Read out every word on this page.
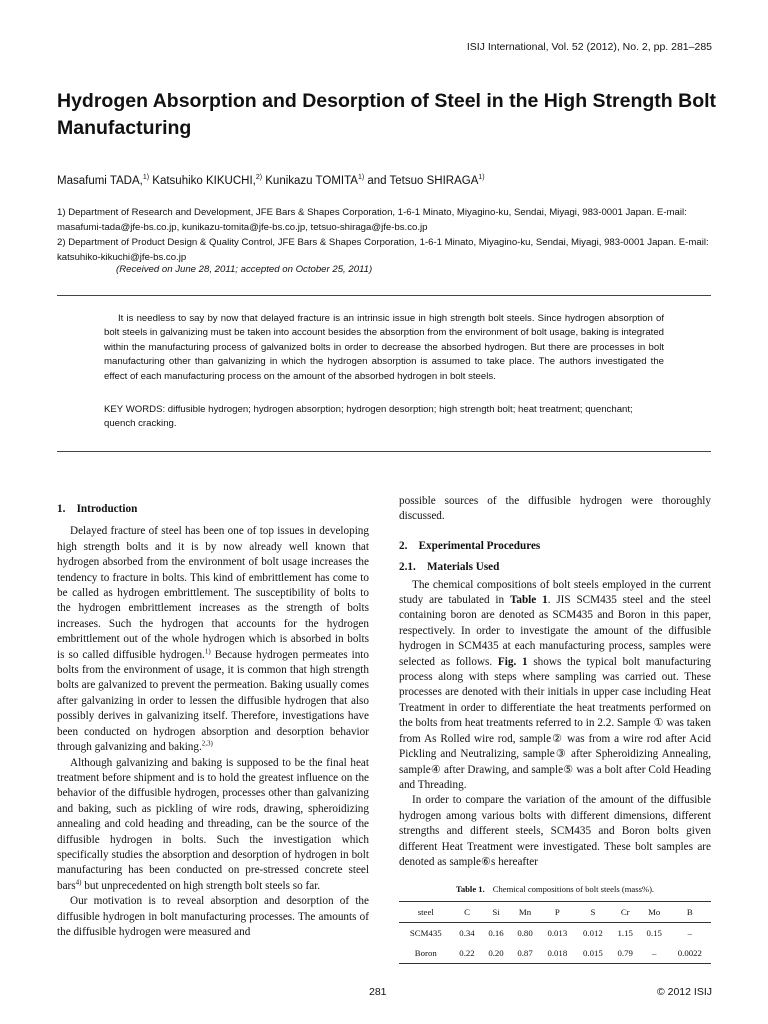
ISIJ International, Vol. 52 (2012), No. 2, pp. 281–285
Hydrogen Absorption and Desorption of Steel in the High Strength Bolt Manufacturing
Masafumi TADA,$^{1)}$ Katsuhiko KIKUCHI,$^{2)}$ Kunikazu TOMITA$^{1)}$ and Tetsuo SHIRAGA$^{1)}$
1) Department of Research and Development, JFE Bars & Shapes Corporation, 1-6-1 Minato, Miyagino-ku, Sendai, Miyagi, 983-0001 Japan. E-mail: masafumi-tada@jfe-bs.co.jp, kunikazu-tomita@jfe-bs.co.jp, tetsuo-shiraga@jfe-bs.co.jp
2) Department of Product Design & Quality Control, JFE Bars & Shapes Corporation, 1-6-1 Minato, Miyagino-ku, Sendai, Miyagi, 983-0001 Japan. E-mail: katsuhiko-kikuchi@jfe-bs.co.jp
(Received on June 28, 2011; accepted on October 25, 2011)

It is needless to say by now that delayed fracture is an intrinsic issue in high strength bolt steels. Since hydrogen absorption of bolt steels in galvanizing must be taken into account besides the absorption from the environment of bolt usage, baking is integrated within the manufacturing process of galvanized bolts in order to decrease the absorbed hydrogen. But there are processes in bolt manufacturing other than galvanizing in which the hydrogen absorption is assumed to take place. The authors investigated the effect of each manufacturing process on the amount of the absorbed hydrogen in bolt steels.

KEY WORDS: diffusible hydrogen; hydrogen absorption; hydrogen desorption; high strength bolt; heat treatment; quenchant; quench cracking.
1. Introduction

Delayed fracture of steel has been one of top issues in developing high strength bolts and it is by now already well known that hydrogen absorbed from the environment of bolt usage increases the tendency to fracture in bolts. This kind of embrittlement has come to be called as hydrogen embrittlement. The susceptibility of bolts to the hydrogen embrittlement increases as the strength of bolts increases. Such the hydrogen that accounts for the hydrogen embrittlement out of the whole hydrogen which is absorbed in bolts is so called diffusible hydrogen.$^{1)}$ Because hydrogen permeates into bolts from the environment of usage, it is common that high strength bolts are galvanized to prevent the permeation. Baking usually comes after galvanizing in order to lessen the diffusible hydrogen that also possibly derives in galvanizing itself. Therefore, investigations have been conducted on hydrogen absorption and desorption behavior through galvanizing and baking.$^{2,3)}$

Although galvanizing and baking is supposed to be the final heat treatment before shipment and is to hold the greatest influence on the behavior of the diffusible hydrogen, processes other than galvanizing and baking, such as pickling of wire rods, drawing, spheroidizing annealing and cold heading and threading, can be the source of the diffusible hydrogen in bolts. Such the investigation which specifically studies the absorption and desorption of hydrogen in bolt manufacturing has been conducted on pre-stressed concrete steel bars$^{4)}$ but unprecedented on high strength bolt steels so far.

Our motivation is to reveal absorption and desorption of the diffusible hydrogen in bolt manufacturing processes. The amounts of the diffusible hydrogen were measured and

possible sources of the diffusible hydrogen were thoroughly discussed.

2. Experimental Procedures
2.1. Materials Used

The chemical compositions of bolt steels employed in the current study are tabulated in Table 1. JIS SCM435 steel and the steel containing boron are denoted as SCM435 and Boron in this paper, respectively. In order to investigate the amount of the diffusible hydrogen in SCM435 at each manufacturing process, samples were selected as follows. Fig. 1 shows the typical bolt manufacturing process along with steps where sampling was carried out. These processes are denoted with their initials in upper case including Heat Treatment in order to differentiate the heat treatments performed on the bolts from heat treatments referred to in 2.2. Sample ① was taken from As Rolled wire rod, sample② was from a wire rod after Acid Pickling and Neutralizing, sample③ after Spheroidizing Annealing, sample④ after Drawing, and sample⑤ was a bolt after Cold Heading and Threading.

In order to compare the variation of the amount of the diffusible hydrogen among various bolts with different dimensions, different strengths and different steels, SCM435 and Boron bolts given different Heat Treatment were investigated. These bolt samples are denoted as sample⑥s hereafter

Table 1. Chemical compositions of bolt steels (mass%).
steel	C	Si	Mn	P	S	Cr	Mo	B
SCM435	0.34	0.16	0.80	0.013	0.012	1.15	0.15	–
Boron	0.22	0.20	0.87	0.018	0.015	0.79	–	0.0022
281	© 2012 ISIJ
